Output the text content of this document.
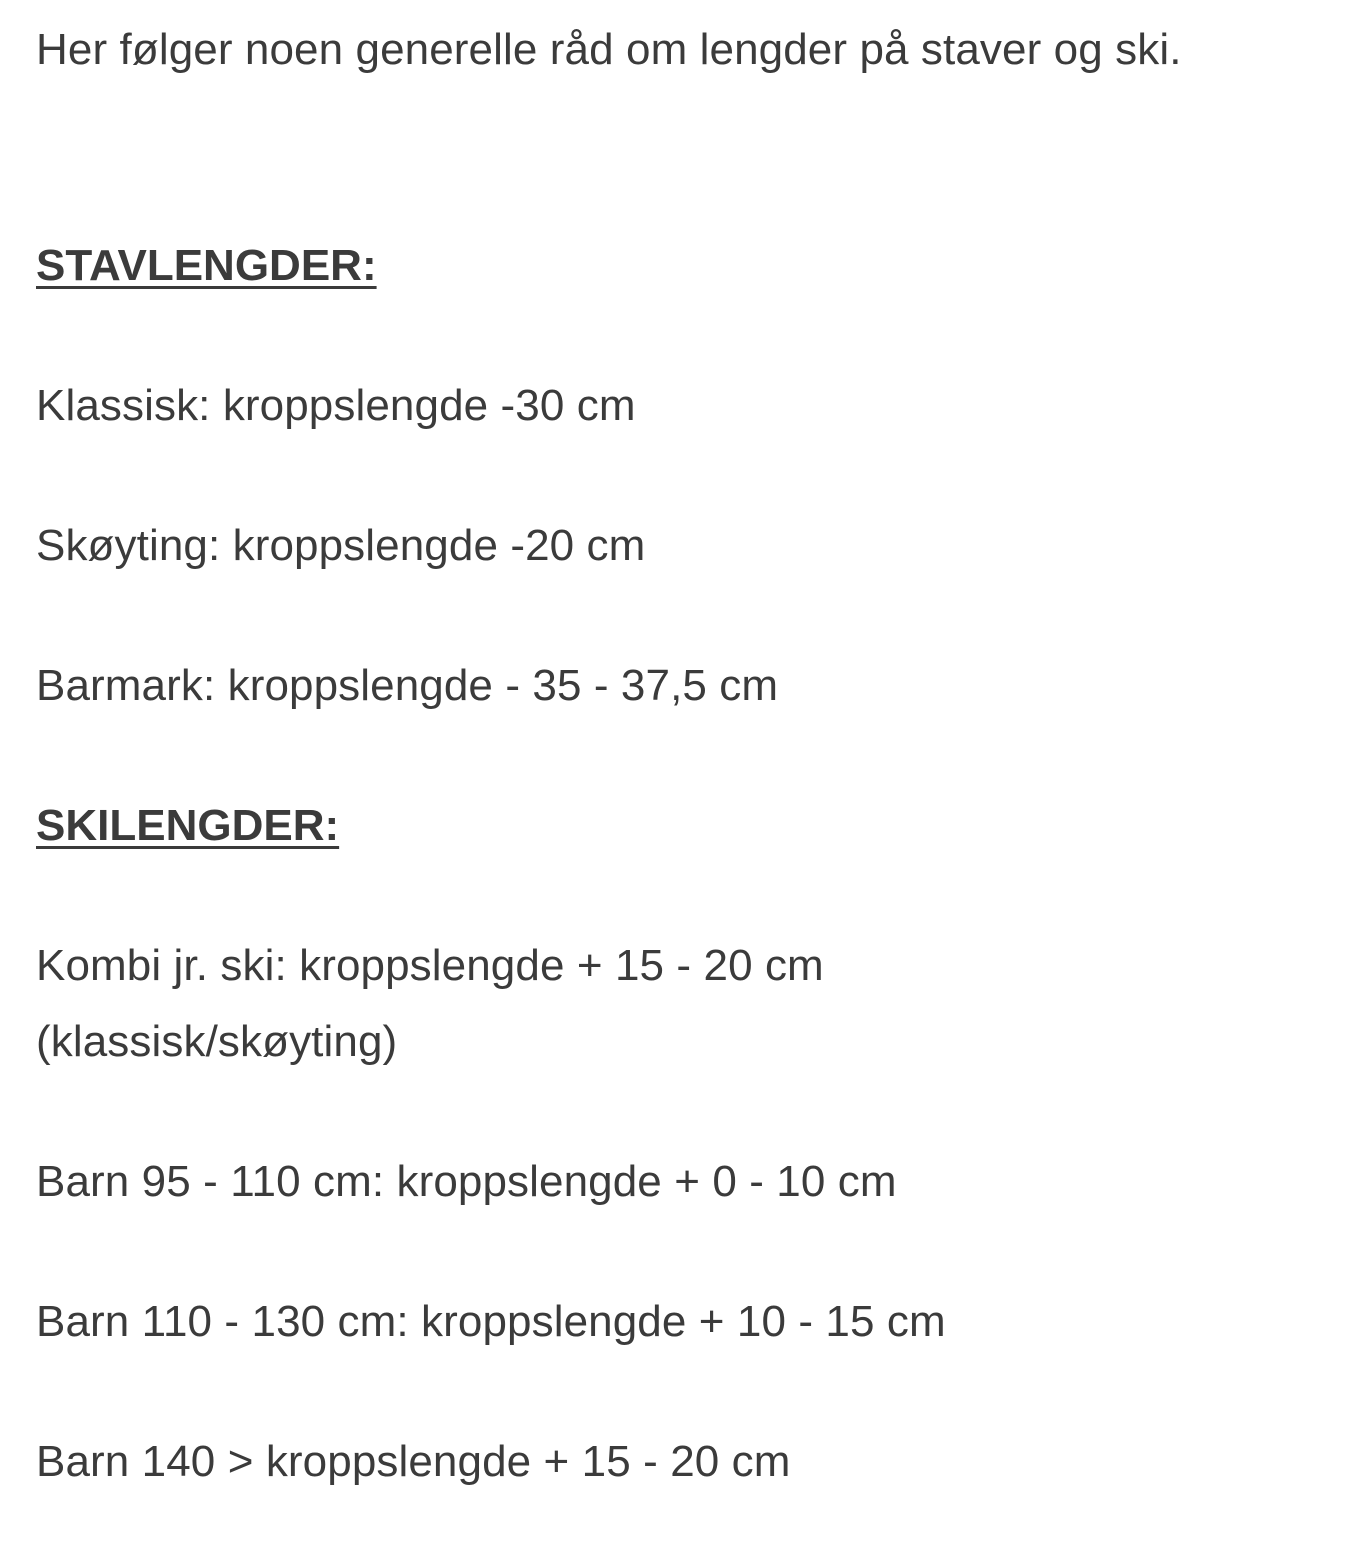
Her følger noen generelle råd om lengder på staver og ski.

STAVLENGDER:

Klassisk: kroppslengde -30 cm

Skøyting: kroppslengde -20 cm

Barmark: kroppslengde - 35 - 37,5 cm

SKILENGDER:

Kombi jr. ski: kroppslengde + 15 - 20 cm (klassisk/skøyting)

Barn 95 - 110 cm: kroppslengde + 0 - 10 cm

Barn 110 - 130 cm: kroppslengde + 10 - 15 cm

Barn 140 > kroppslengde + 15 - 20 cm
